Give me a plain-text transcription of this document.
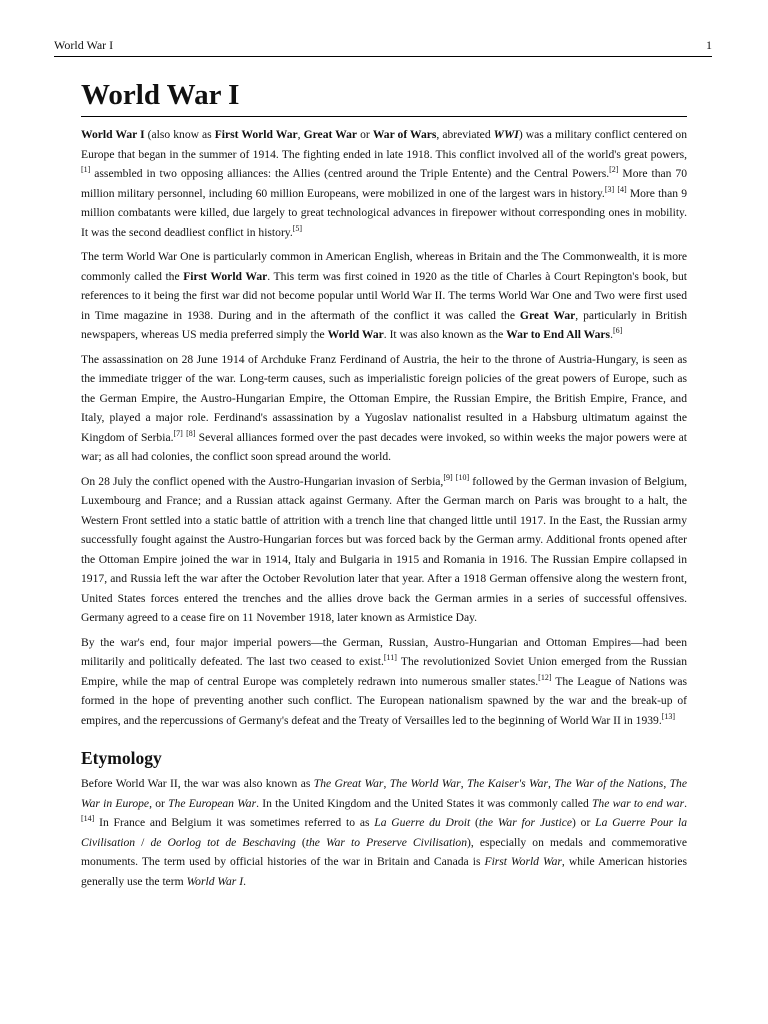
World War I	1
World War I

World War I (also know as First World War, Great War or War of Wars, abreviated WWI) was a military conflict centered on Europe that began in the summer of 1914. The fighting ended in late 1918. This conflict involved all of the world's great powers,[1] assembled in two opposing alliances: the Allies (centred around the Triple Entente) and the Central Powers.[2] More than 70 million military personnel, including 60 million Europeans, were mobilized in one of the largest wars in history.[3] [4] More than 9 million combatants were killed, due largely to great technological advances in firepower without corresponding ones in mobility. It was the second deadliest conflict in history.[5]

The term World War One is particularly common in American English, whereas in Britain and the The Commonwealth, it is more commonly called the First World War. This term was first coined in 1920 as the title of Charles à Court Repington's book, but references to it being the first war did not become popular until World War II. The terms World War One and Two were first used in Time magazine in 1938. During and in the aftermath of the conflict it was called the Great War, particularly in British newspapers, whereas US media preferred simply the World War. It was also known as the War to End All Wars.[6]

The assassination on 28 June 1914 of Archduke Franz Ferdinand of Austria, the heir to the throne of Austria-Hungary, is seen as the immediate trigger of the war. Long-term causes, such as imperialistic foreign policies of the great powers of Europe, such as the German Empire, the Austro-Hungarian Empire, the Ottoman Empire, the Russian Empire, the British Empire, France, and Italy, played a major role. Ferdinand's assassination by a Yugoslav nationalist resulted in a Habsburg ultimatum against the Kingdom of Serbia.[7] [8] Several alliances formed over the past decades were invoked, so within weeks the major powers were at war; as all had colonies, the conflict soon spread around the world.

On 28 July the conflict opened with the Austro-Hungarian invasion of Serbia,[9] [10] followed by the German invasion of Belgium, Luxembourg and France; and a Russian attack against Germany. After the German march on Paris was brought to a halt, the Western Front settled into a static battle of attrition with a trench line that changed little until 1917. In the East, the Russian army successfully fought against the Austro-Hungarian forces but was forced back by the German army. Additional fronts opened after the Ottoman Empire joined the war in 1914, Italy and Bulgaria in 1915 and Romania in 1916. The Russian Empire collapsed in 1917, and Russia left the war after the October Revolution later that year. After a 1918 German offensive along the western front, United States forces entered the trenches and the allies drove back the German armies in a series of successful offensives. Germany agreed to a cease fire on 11 November 1918, later known as Armistice Day.

By the war's end, four major imperial powers—the German, Russian, Austro-Hungarian and Ottoman Empires—had been militarily and politically defeated. The last two ceased to exist.[11] The revolutionized Soviet Union emerged from the Russian Empire, while the map of central Europe was completely redrawn into numerous smaller states.[12] The League of Nations was formed in the hope of preventing another such conflict. The European nationalism spawned by the war and the break-up of empires, and the repercussions of Germany's defeat and the Treaty of Versailles led to the beginning of World War II in 1939.[13]

Etymology

Before World War II, the war was also known as The Great War, The World War, The Kaiser's War, The War of the Nations, The War in Europe, or The European War. In the United Kingdom and the United States it was commonly called The war to end war.[14] In France and Belgium it was sometimes referred to as La Guerre du Droit (the War for Justice) or La Guerre Pour la Civilisation / de Oorlog tot de Beschaving (the War to Preserve Civilisation), especially on medals and commemorative monuments. The term used by official histories of the war in Britain and Canada is First World War, while American histories generally use the term World War I.
